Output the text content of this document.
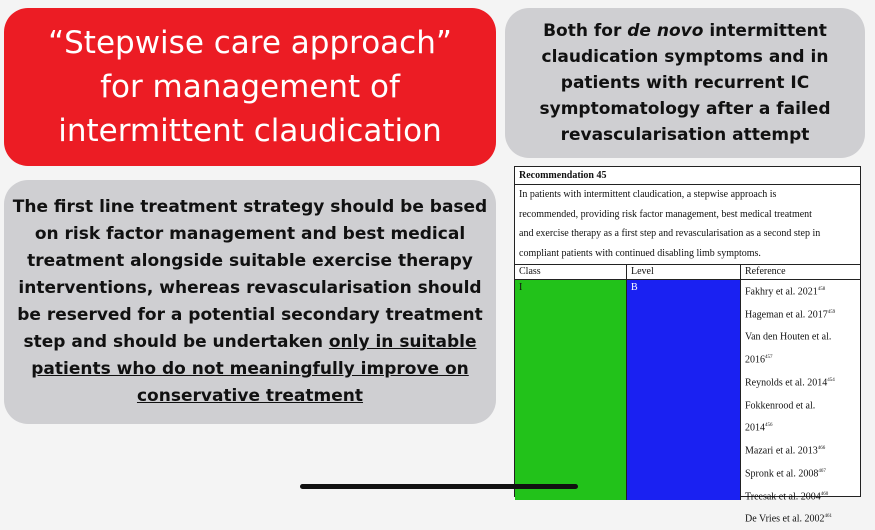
“Stepwise care approach”
for management of
intermittent claudication
Both for de novo intermittent
claudication symptoms and in
patients with recurrent IC
symptomatology after a failed
revascularisation attempt
The first line treatment strategy should be based
on risk factor management and best medical
treatment alongside suitable exercise therapy
interventions, whereas revascularisation should
be reserved for a potential secondary treatment
step and should be undertaken only in suitable
patients who do not meaningfully improve on
conservative treatment
Recommendation 45
In patients with intermittent claudication, a stepwise approach is
recommended, providing risk factor management, best medical treatment
and exercise therapy as a first step and revascularisation as a second step in
compliant patients with continued disabling limb symptoms.
Class	Level	Reference
I	B	Fakhry et al. 2021$^{458}$
Hageman et al. 2017$^{459}$
Van den Houten et al.
2016$^{457}$
Reynolds et al. 2014$^{454}$
Fokkenrood et al.
2014$^{456}$
Mazari et al. 2013$^{466}$
Spronk et al. 2008$^{467}$
Treesak et al. 2004$^{460}$
De Vries et al. 2002$^{461}$
